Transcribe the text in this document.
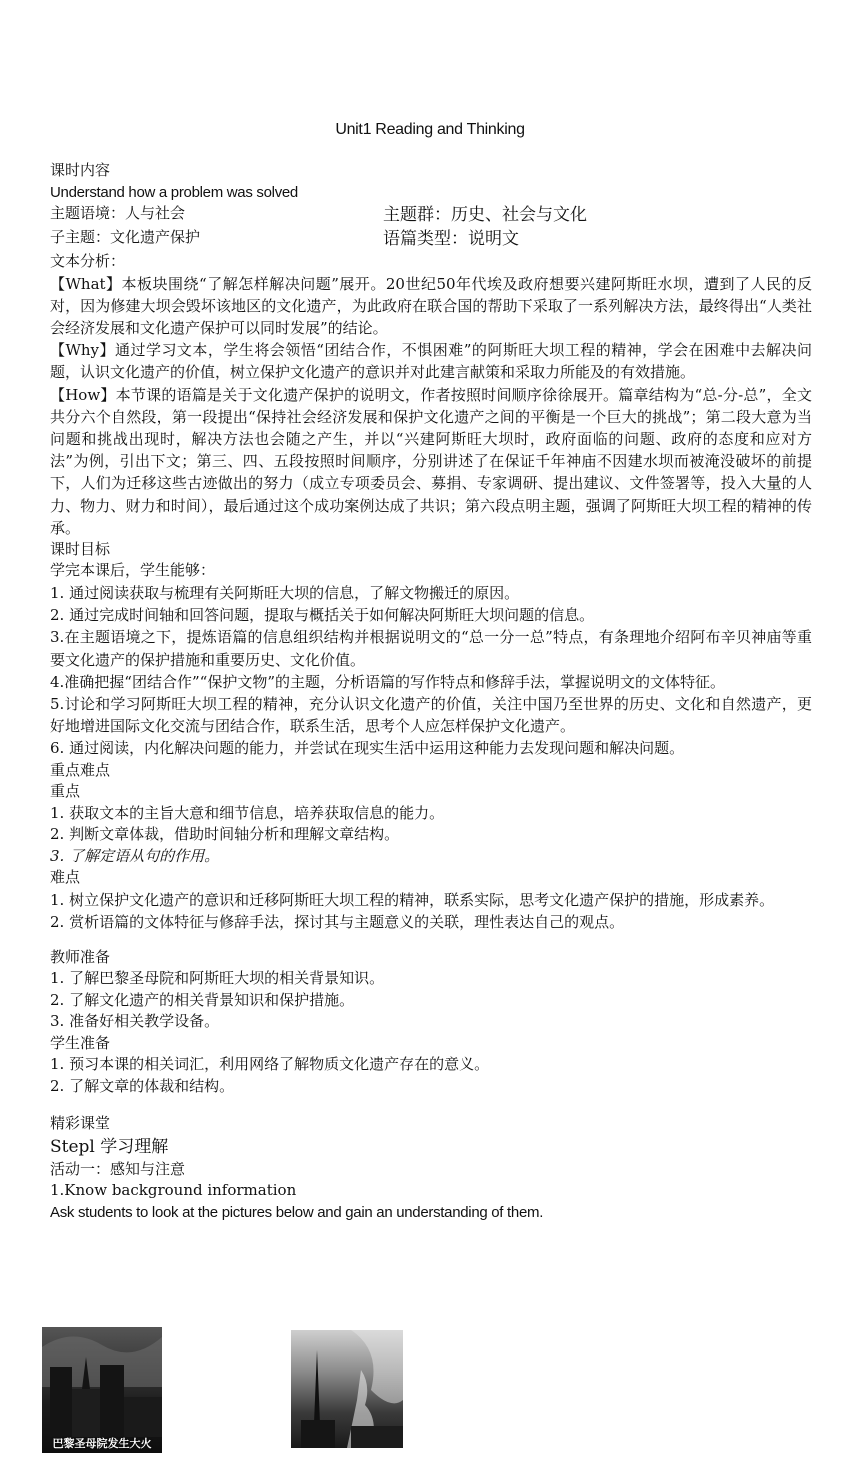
Unit1 Reading and Thinking
课时内容
Understand how a problem was solved
主题语境：人与社会	主题群：历史、社会与文化
子主题：文化遗产保护	语篇类型：说明文
文本分析：
【What】本板块围绕“了解怎样解决问题”展开。20世纪50年代埃及政府想要兴建阿斯旺水坝，遭到了人民的反对，因为修建大坝会毁坏该地区的文化遗产，为此政府在联合国的帮助下采取了一系列解决方法，最终得出“人类社会经济发展和文化遗产保护可以同时发展”的结论。
【Why】通过学习文本，学生将会领悟“团结合作，不惧困难”的阿斯旺大坝工程的精神，学会在困难中去解决问题，认识文化遗产的价值，树立保护文化遗产的意识并对此建言献策和采取力所能及的有效措施。
【How】本节课的语篇是关于文化遗产保护的说明文，作者按照时间顺序徐徐展开。篇章结构为“总-分-总”，全文共分六个自然段，第一段提出“保持社会经济发展和保护文化遗产之间的平衡是一个巨大的挑战”；第二段大意为当问题和挑战出现时，解决方法也会随之产生，并以“兴建阿斯旺大坝时，政府面临的问题、政府的态度和应对方法”为例，引出下文；第三、四、五段按照时间顺序，分别讲述了在保证千年神庙不因建水坝而被淹没破坏的前提下，人们为迁移这些古迹做出的努力（成立专项委员会、募捐、专家调研、提出建议、文件签署等，投入大量的人力、物力、财力和时间），最后通过这个成功案例达成了共识；第六段点明主题，强调了阿斯旺大坝工程的精神的传承。
课时目标
学完本课后，学生能够：
1. 通过阅读获取与梳理有关阿斯旺大坝的信息，了解文物搬迁的原因。
2. 通过完成时间轴和回答问题，提取与概括关于如何解决阿斯旺大坝问题的信息。
3.在主题语境之下，提炼语篇的信息组织结构并根据说明文的“总一分一总”特点，有条理地介绍阿布辛贝神庙等重要文化遗产的保护措施和重要历史、文化价值。
4.准确把握“团结合作”“保护文物”的主题，分析语篇的写作特点和修辞手法，掌握说明文的文体特征。
5.讨论和学习阿斯旺大坝工程的精神，充分认识文化遗产的价值，关注中国乃至世界的历史、文化和自然遗产，更好地增进国际文化交流与团结合作，联系生活，思考个人应怎样保护文化遗产。
6. 通过阅读，内化解决问题的能力，并尝试在现实生活中运用这种能力去发现问题和解决问题。
重点难点
重点
1. 获取文本的主旨大意和细节信息，培养获取信息的能力。
2. 判断文章体裁，借助时间轴分析和理解文章结构。
3. 了解定语从句的作用。
难点
1. 树立保护文化遗产的意识和迁移阿斯旺大坝工程的精神，联系实际，思考文化遗产保护的措施，形成素养。
2. 赏析语篇的文体特征与修辞手法，探讨其与主题意义的关联，理性表达自己的观点。
教师准备
1. 了解巴黎圣母院和阿斯旺大坝的相关背景知识。
2. 了解文化遗产的相关背景知识和保护措施。
3. 准备好相关教学设备。
学生准备
1. 预习本课的相关词汇，利用网络了解物质文化遗产存在的意义。
2. 了解文章的体裁和结构。
精彩课堂
Stepl 学习理解
活动一：感知与注意
1.Know background information
Ask students to look at the pictures below and gain an understanding of them.
巴黎圣母院发生大火
